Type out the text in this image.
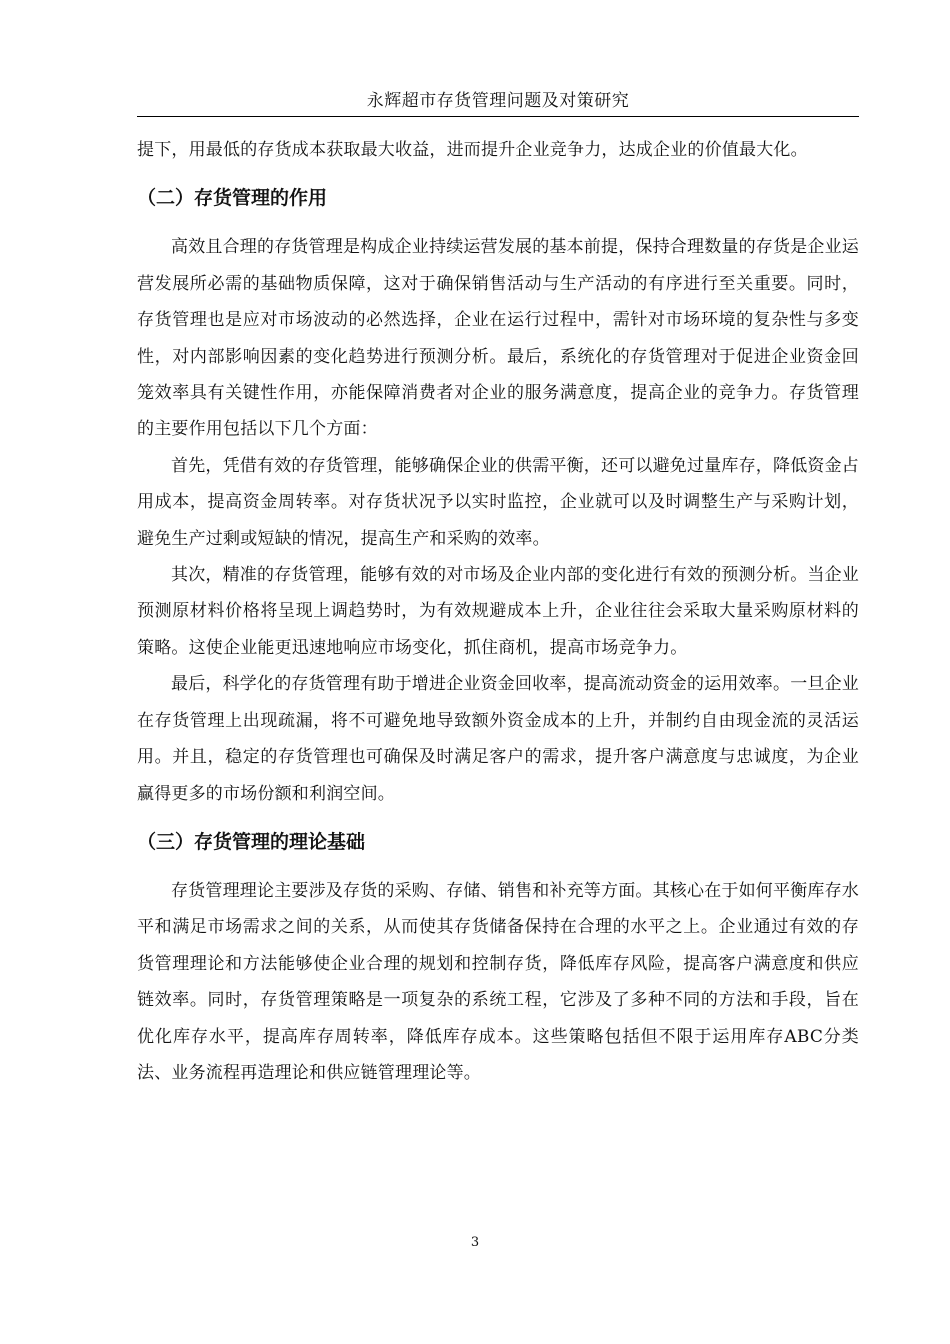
永辉超市存货管理问题及对策研究

提下，用最低的存货成本获取最大收益，进而提升企业竞争力，达成企业的价值最大化。

（二）存货管理的作用

高效且合理的存货管理是构成企业持续运营发展的基本前提，保持合理数量的存货是企业运营发展所必需的基础物质保障，这对于确保销售活动与生产活动的有序进行至关重要。同时，存货管理也是应对市场波动的必然选择，企业在运行过程中，需针对市场环境的复杂性与多变性，对内部影响因素的变化趋势进行预测分析。最后，系统化的存货管理对于促进企业资金回笼效率具有关键性作用，亦能保障消费者对企业的服务满意度，提高企业的竞争力。存货管理的主要作用包括以下几个方面：

首先，凭借有效的存货管理，能够确保企业的供需平衡，还可以避免过量库存，降低资金占用成本，提高资金周转率。对存货状况予以实时监控，企业就可以及时调整生产与采购计划，避免生产过剩或短缺的情况，提高生产和采购的效率。

其次，精准的存货管理，能够有效的对市场及企业内部的变化进行有效的预测分析。当企业预测原材料价格将呈现上调趋势时，为有效规避成本上升，企业往往会采取大量采购原材料的策略。这使企业能更迅速地响应市场变化，抓住商机，提高市场竞争力。

最后，科学化的存货管理有助于增进企业资金回收率，提高流动资金的运用效率。一旦企业在存货管理上出现疏漏，将不可避免地导致额外资金成本的上升，并制约自由现金流的灵活运用。并且，稳定的存货管理也可确保及时满足客户的需求，提升客户满意度与忠诚度，为企业赢得更多的市场份额和利润空间。

（三）存货管理的理论基础

存货管理理论主要涉及存货的采购、存储、销售和补充等方面。其核心在于如何平衡库存水平和满足市场需求之间的关系，从而使其存货储备保持在合理的水平之上。企业通过有效的存货管理理论和方法能够使企业合理的规划和控制存货，降低库存风险，提高客户满意度和供应链效率。同时，存货管理策略是一项复杂的系统工程，它涉及了多种不同的方法和手段，旨在优化库存水平，提高库存周转率，降低库存成本。这些策略包括但不限于运用库存ABC分类法、业务流程再造理论和供应链管理理论等。

3
